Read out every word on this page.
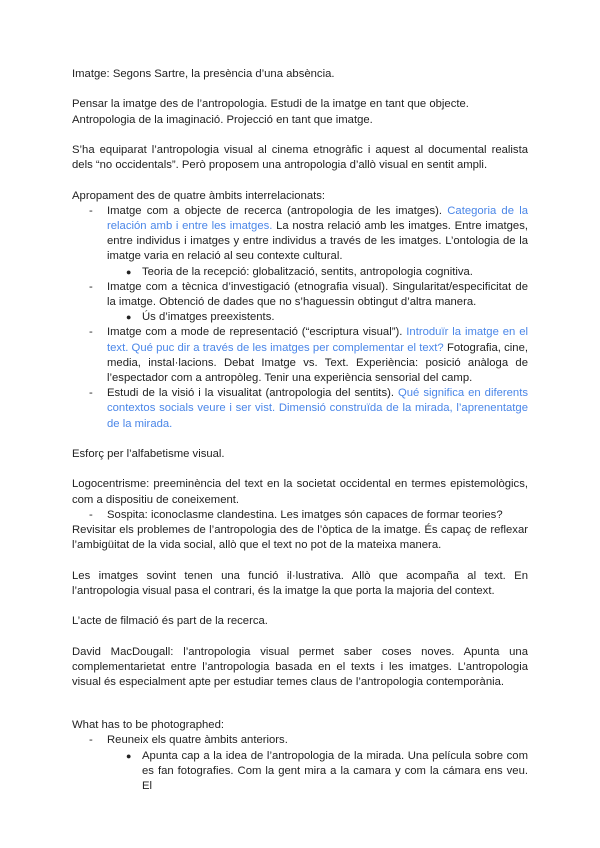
Imatge: Segons Sartre, la presència d’una absència.

Pensar la imatge des de l’antropologia. Estudi de la imatge en tant que objecte.

Antropologia de la imaginació. Projecció en tant que imatge.

S’ha equiparat l’antropologia visual al cinema etnogràfic i aquest al documental realista dels “no occidentals”. Però proposem una antropologia d’allò visual en sentit ampli.

Apropament des de quatre àmbits interrelacionats:

- Imatge com a objecte de recerca (antropologia de les imatges). Categoria de la relación amb i entre les imatges. La nostra relació amb les imatges. Entre imatges, entre individus i imatges y entre individus a través de les imatges. L’ontologia de la imatge varia en relació al seu contexte cultural.
● Teoria de la recepció: globalització, sentits, antropologia cognitiva.
- Imatge com a tècnica d’investigació (etnografia visual). Singularitat/especificitat de la imatge. Obtenció de dades que no s’haguessin obtingut d’altra manera.
● Ús d’imatges preexistents.
- Imatge com a mode de representació (“escriptura visual”). Introduïr la imatge en el text. Qué puc dir a través de les imatges per complementar el text? Fotografia, cine, media, instal·lacions. Debat Imatge vs. Text. Experiència: posició anàloga de l’espectador com a antropòleg. Tenir una experiència sensorial del camp.
- Estudi de la visió i la visualitat (antropologia del sentits). Qué significa en diferents contextos socials veure i ser vist. Dimensió construïda de la mirada, l’aprenentatge de la mirada.

Esforç per l’alfabetisme visual.

Logocentrisme: preeminència del text en la societat occidental en termes epistemològics, com a dispositiu de coneixement.

- Sospita: iconoclasme clandestina. Les imatges són capaces de formar teories?

Revisitar els problemes de l’antropologia des de l’òptica de la imatge. És capaç de reflexar l’ambigüitat de la vida social, allò que el text no pot de la mateixa manera.

Les imatges sovint tenen una funció il·lustrativa. Allò que acompaña al text. En l’antropologia visual pasa el contrari, és la imatge la que porta la majoria del context.

L’acte de filmació és part de la recerca.

David MacDougall: l’antropologia visual permet saber coses noves. Apunta una complementarietat entre l’antropologia basada en el texts i les imatges. L’antropologia visual és especialment apte per estudiar temes claus de l’antropologia contemporània.

What has to be photographed:

- Reuneix els quatre àmbits anteriors.
● Apunta cap a la idea de l’antropologia de la mirada. Una película sobre com es fan fotografies. Com la gent mira a la camara y com la cámara ens veu. El
